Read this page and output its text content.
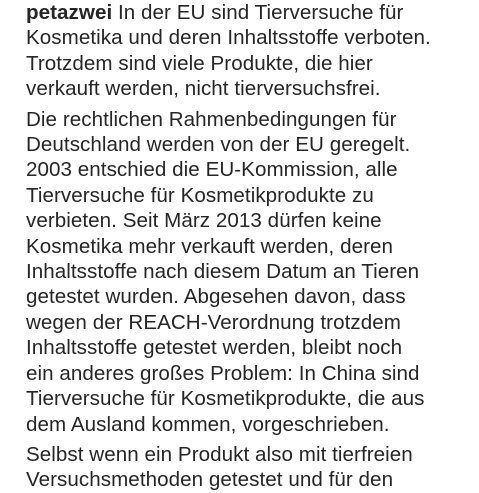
petazwei In der EU sind Tierversuche für
Kosmetika und deren Inhaltsstoffe verboten.
Trotzdem sind viele Produkte, die hier
verkauft werden, nicht tierversuchsfrei.

Die rechtlichen Rahmenbedingungen für
Deutschland werden von der EU geregelt.
2003 entschied die EU-Kommission, alle
Tierversuche für Kosmetikprodukte zu
verbieten. Seit März 2013 dürfen keine
Kosmetika mehr verkauft werden, deren
Inhaltsstoffe nach diesem Datum an Tieren
getestet wurden. Abgesehen davon, dass
wegen der REACH-Verordnung trotzdem
Inhaltsstoffe getestet werden, bleibt noch
ein anderes großes Problem: In China sind
Tierversuche für Kosmetikprodukte, die aus
dem Ausland kommen, vorgeschrieben.

Selbst wenn ein Produkt also mit tierfreien
Versuchsmethoden getestet und für den
